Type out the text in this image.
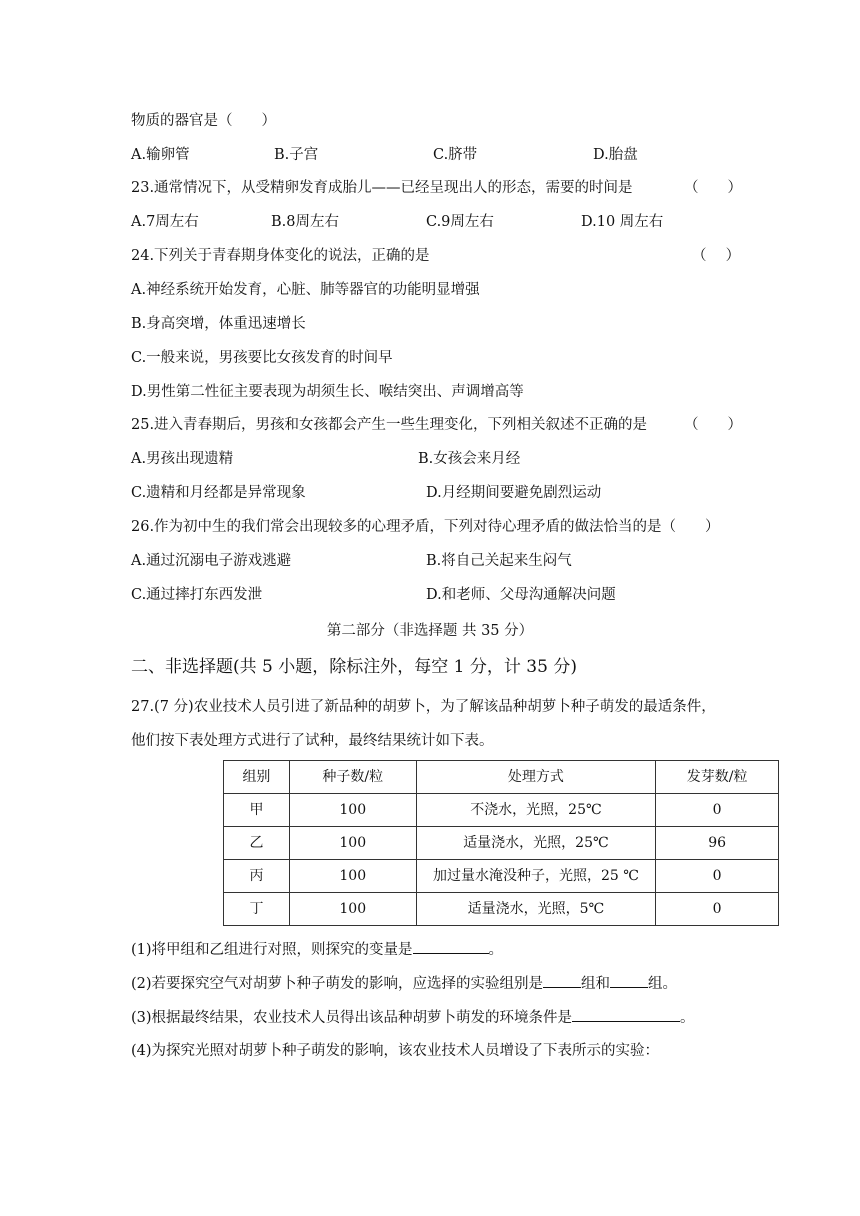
物质的器官是（　　）
A.输卵管	B.子宫	C.脐带	D.胎盘
23.通常情况下，从受精卵发育成胎儿——已经呈现出人的形态，需要的时间是	（　　）
A.7周左右	B.8周左右	C.9周左右	D.10 周左右
24.下列关于青春期身体变化的说法，正确的是	（　 ）
A.神经系统开始发育，心脏、肺等器官的功能明显增强
B.身高突增，体重迅速增长
C.一般来说，男孩要比女孩发育的时间早
D.男性第二性征主要表现为胡须生长、喉结突出、声调增高等
25.进入青春期后，男孩和女孩都会产生一些生理变化，下列相关叙述不正确的是	（　　）
A.男孩出现遗精	B.女孩会来月经
C.遗精和月经都是异常现象	D.月经期间要避免剧烈运动
26.作为初中生的我们常会出现较多的心理矛盾，下列对待心理矛盾的做法恰当的是（　　）
A.通过沉溺电子游戏逃避	B.将自己关起来生闷气
C.通过摔打东西发泄	D.和老师、父母沟通解决问题
第二部分（非选择题 共 35 分）
二、非选择题(共 5 小题，除标注外，每空 1 分，计 35 分)
27.(7 分)农业技术人员引进了新品种的胡萝卜，为了解该品种胡萝卜种子萌发的最适条件，
他们按下表处理方式进行了试种，最终结果统计如下表。
组别	种子数/粒	处理方式	发芽数/粒
甲	100	不浇水，光照，25℃	0
乙	100	适量浇水，光照，25℃	96
丙	100	加过量水淹没种子，光照，25 ℃	0
丁	100	适量浇水，光照，5℃	0
(1)将甲组和乙组进行对照，则探究的变量是	。
(2)若要探究空气对胡萝卜种子萌发的影响，应选择的实验组别是	组和	组。
(3)根据最终结果，农业技术人员得出该品种胡萝卜萌发的环境条件是	。
(4)为探究光照对胡萝卜种子萌发的影响，该农业技术人员增设了下表所示的实验：
